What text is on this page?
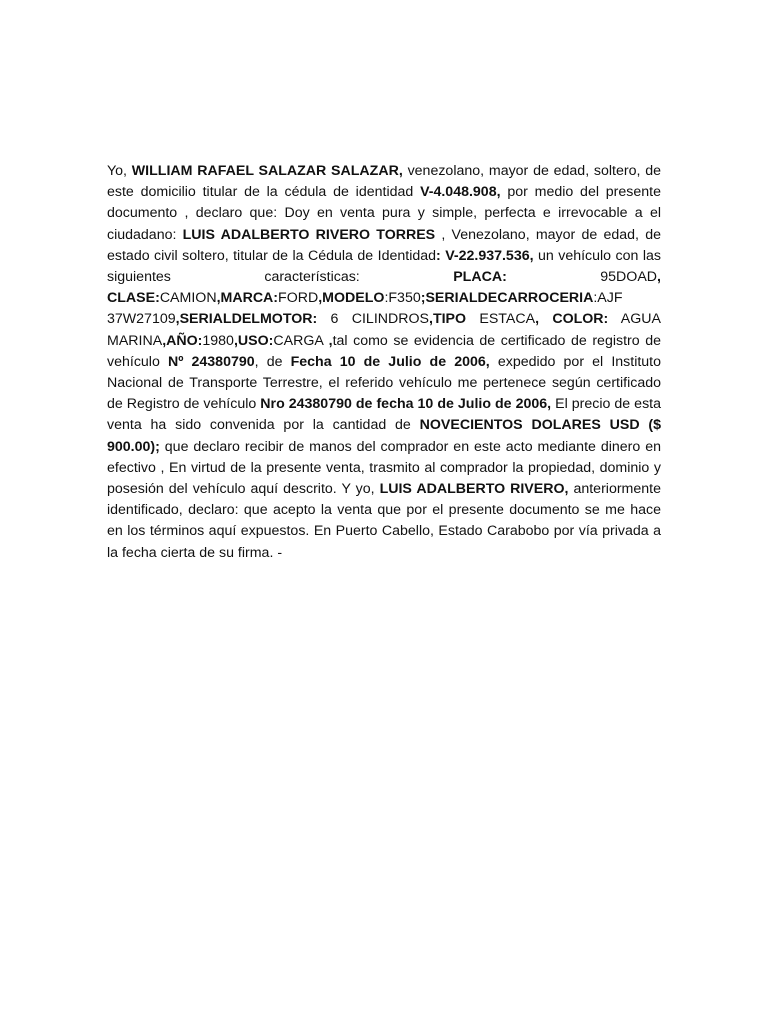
Yo, WILLIAM RAFAEL SALAZAR SALAZAR, venezolano, mayor de edad, soltero, de este domicilio titular de la cédula de identidad V-4.048.908, por medio del presente documento , declaro que: Doy en venta pura y simple, perfecta e irrevocable a el ciudadano: LUIS ADALBERTO RIVERO TORRES , Venezolano, mayor de edad, de estado civil soltero, titular de la Cédula de Identidad: V-22.937.536, un vehículo con las siguientes características: PLACA: 95DOAD, CLASE:CAMION,MARCA:FORD,MODELO:F350;SERIALDECARROCERIA:AJF 37W27109,SERIALDELMOTOR: 6 CILINDROS,TIPO ESTACA, COLOR: AGUA MARINA,AÑO:1980,USO:CARGA ,tal como se evidencia de certificado de registro de vehículo Nº 24380790, de Fecha 10 de Julio de 2006, expedido por el Instituto Nacional de Transporte Terrestre, el referido vehículo me pertenece según certificado de Registro de vehículo Nro 24380790 de fecha 10 de Julio de 2006, El precio de esta venta ha sido convenida por la cantidad de NOVECIENTOS DOLARES USD ($ 900.00); que declaro recibir de manos del comprador en este acto mediante dinero en efectivo , En virtud de la presente venta, trasmito al comprador la propiedad, dominio y posesión del vehículo aquí descrito. Y yo, LUIS ADALBERTO RIVERO, anteriormente identificado, declaro: que acepto la venta que por el presente documento se me hace en los términos aquí expuestos. En Puerto Cabello, Estado Carabobo por vía privada a la fecha cierta de su firma. -
